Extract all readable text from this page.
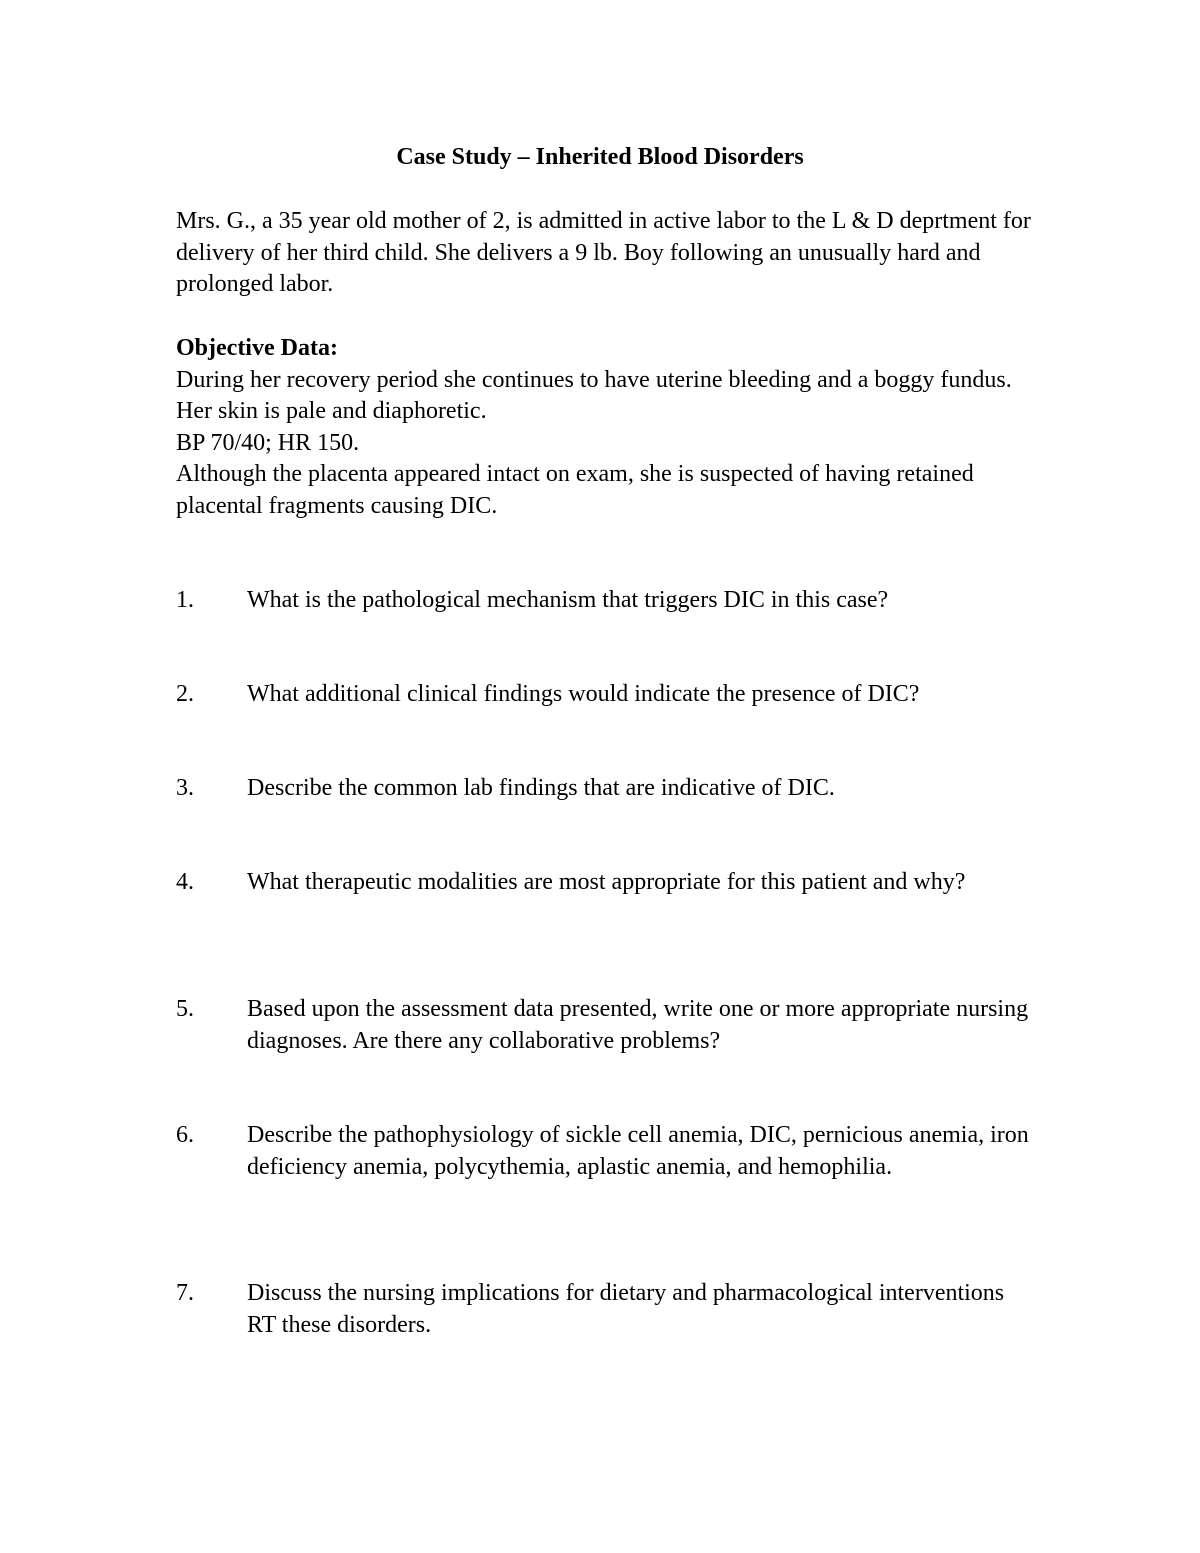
Case Study – Inherited Blood Disorders

Mrs. G., a 35 year old mother of 2, is admitted in active labor to the L & D deprtment for delivery of her third child. She delivers a 9 lb. Boy following an unusually hard and prolonged labor.

Objective Data:
During her recovery period she continues to have uterine bleeding and a boggy fundus.
Her skin is pale and diaphoretic.
BP 70/40; HR 150.
Although the placenta appeared intact on exam, she is suspected of having retained placental fragments causing DIC.
1.	What is the pathological mechanism that triggers DIC in this case?
2.	What additional clinical findings would indicate the presence of DIC?
3.	Describe the common lab findings that are indicative of DIC.
4.	What therapeutic modalities are most appropriate for this patient and why?
5.	Based upon the assessment data presented, write one or more appropriate nursing diagnoses. Are there any collaborative problems?
6.	Describe the pathophysiology of sickle cell anemia, DIC, pernicious anemia, iron deficiency anemia, polycythemia, aplastic anemia, and hemophilia.
7.	Discuss the nursing implications for dietary and pharmacological interventions RT these disorders.
